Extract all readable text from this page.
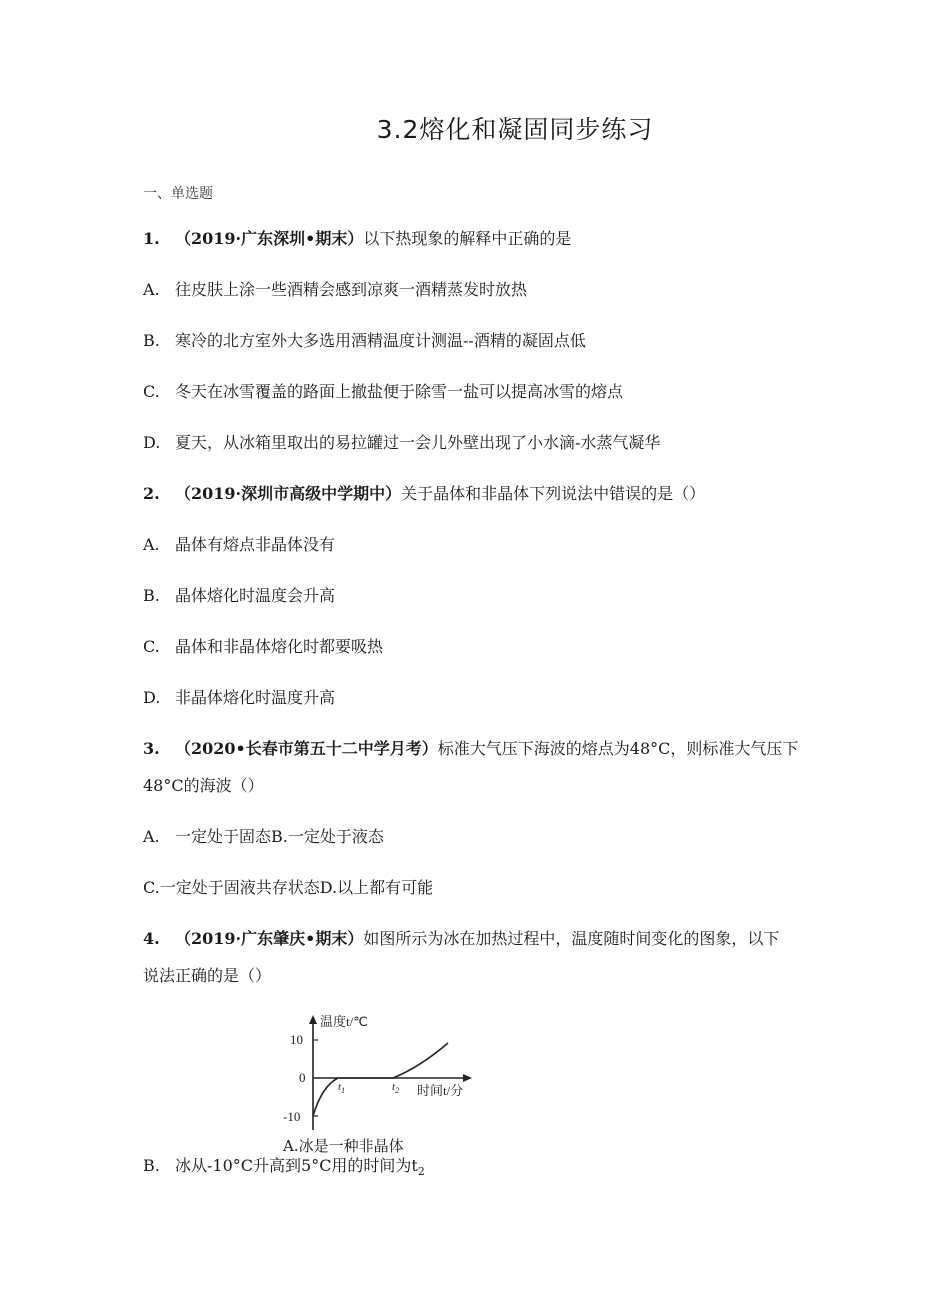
3.2熔化和凝固同步练习
一、单选题
1. （2019·广东深圳•期末）以下热现象的解释中正确的是
A. 往皮肤上涂一些酒精会感到凉爽一酒精蒸发时放热
B. 寒冷的北方室外大多选用酒精温度计测温--酒精的凝固点低
C. 冬天在冰雪覆盖的路面上撤盐便于除雪一盐可以提高冰雪的熔点
D. 夏天，从冰箱里取出的易拉罐过一会儿外壁出现了小水滴-水蒸气凝华
2. （2019·深圳市高级中学期中）关于晶体和非晶体下列说法中错误的是（）
A. 晶体有熔点非晶体没有
B. 晶体熔化时温度会升高
C. 晶体和非晶体熔化时都要吸热
D. 非晶体熔化时温度升高
3. （2020•长春市第五十二中学月考）标准大气压下海波的熔点为48°C，则标准大气压下
48°C的海波（）
A. 一定处于固态B.一定处于液态
C.一定处于固液共存状态D.以上都有可能
4. （2019·广东肇庆•期末）如图所示为冰在加热过程中，温度随时间变化的图象，以下
说法正确的是（）
温度t/℃
10
0
-10
$t_1$	$t_2$ 时间t/分
A.冰是一种非晶体
B. 冰从-10°C升高到5°C用的时间为$t_2$
